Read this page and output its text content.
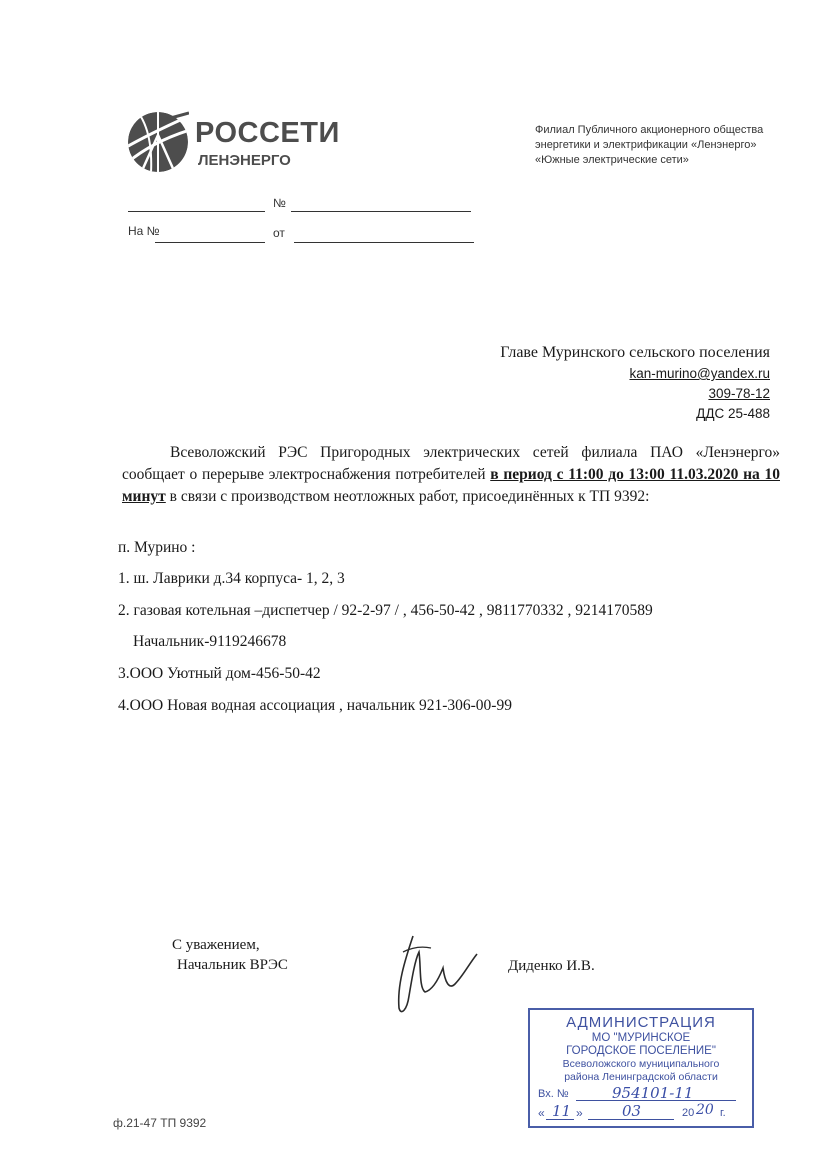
РОССЕТИ
ЛЕНЭНЕРГО
Филиал Публичного акционерного общества
энергетики и электрификации «Ленэнерго»
«Южные электрические сети»
№
На №	от
Главе Муринского сельского поселения
kan-murino@yandex.ru
309-78-12
ДДС 25-488
Всеволожский РЭС Пригородных электрических сетей филиала ПАО «Ленэнерго» сообщает о перерыве электроснабжения потребителей в период с 11:00 до 13:00 11.03.2020 на 10 минут в связи с производством неотложных работ, присоединённых к ТП 9392:
п. Мурино :
1. ш. Лаврики д.34 корпуса- 1, 2, 3
2. газовая котельная –диспетчер / 92-2-97 / , 456-50-42 , 9811770332 , 9214170589
Начальник-9119246678
3.ООО Уютный дом-456-50-42
4.ООО Новая водная ассоциация , начальник 921-306-00-99
С уважением,
Начальник ВРЭС	Диденко И.В.
АДМИНИСТРАЦИЯ
МО "МУРИНСКОЕ
ГОРОДСКОЕ ПОСЕЛЕНИЕ"
Всеволожского муниципального
района Ленинградской области
Вх. №	954101-11
« 11 »	03	20 20 г.
ф.21-47 ТП 9392
